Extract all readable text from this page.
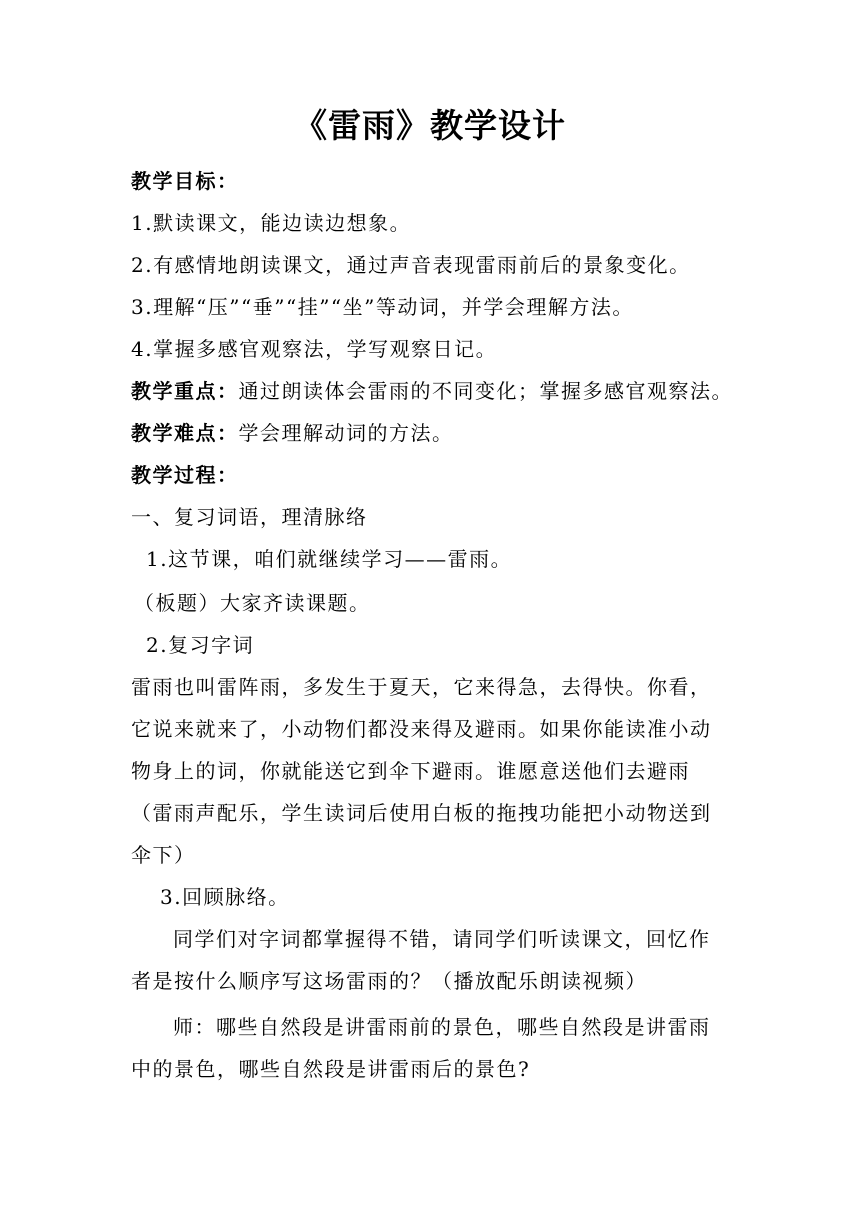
《雷雨》教学设计
教学目标：
1.默读课文，能边读边想象。
2.有感情地朗读课文，通过声音表现雷雨前后的景象变化。
3.理解“压”“垂”“挂”“坐”等动词，并学会理解方法。
4.掌握多感官观察法，学写观察日记。
教学重点：通过朗读体会雷雨的不同变化；掌握多感官观察法。
教学难点：学会理解动词的方法。
教学过程：
一、复习词语，理清脉络
1.这节课，咱们就继续学习——雷雨。
（板题）大家齐读课题。
2.复习字词
雷雨也叫雷阵雨，多发生于夏天，它来得急，去得快。你看，
它说来就来了，小动物们都没来得及避雨。如果你能读准小动
物身上的词，你就能送它到伞下避雨。谁愿意送他们去避雨
（雷雨声配乐，学生读词后使用白板的拖拽功能把小动物送到
伞下）
3.回顾脉络。
同学们对字词都掌握得不错，请同学们听读课文，回忆作
者是按什么顺序写这场雷雨的？（播放配乐朗读视频）
师：哪些自然段是讲雷雨前的景色，哪些自然段是讲雷雨
中的景色，哪些自然段是讲雷雨后的景色?
